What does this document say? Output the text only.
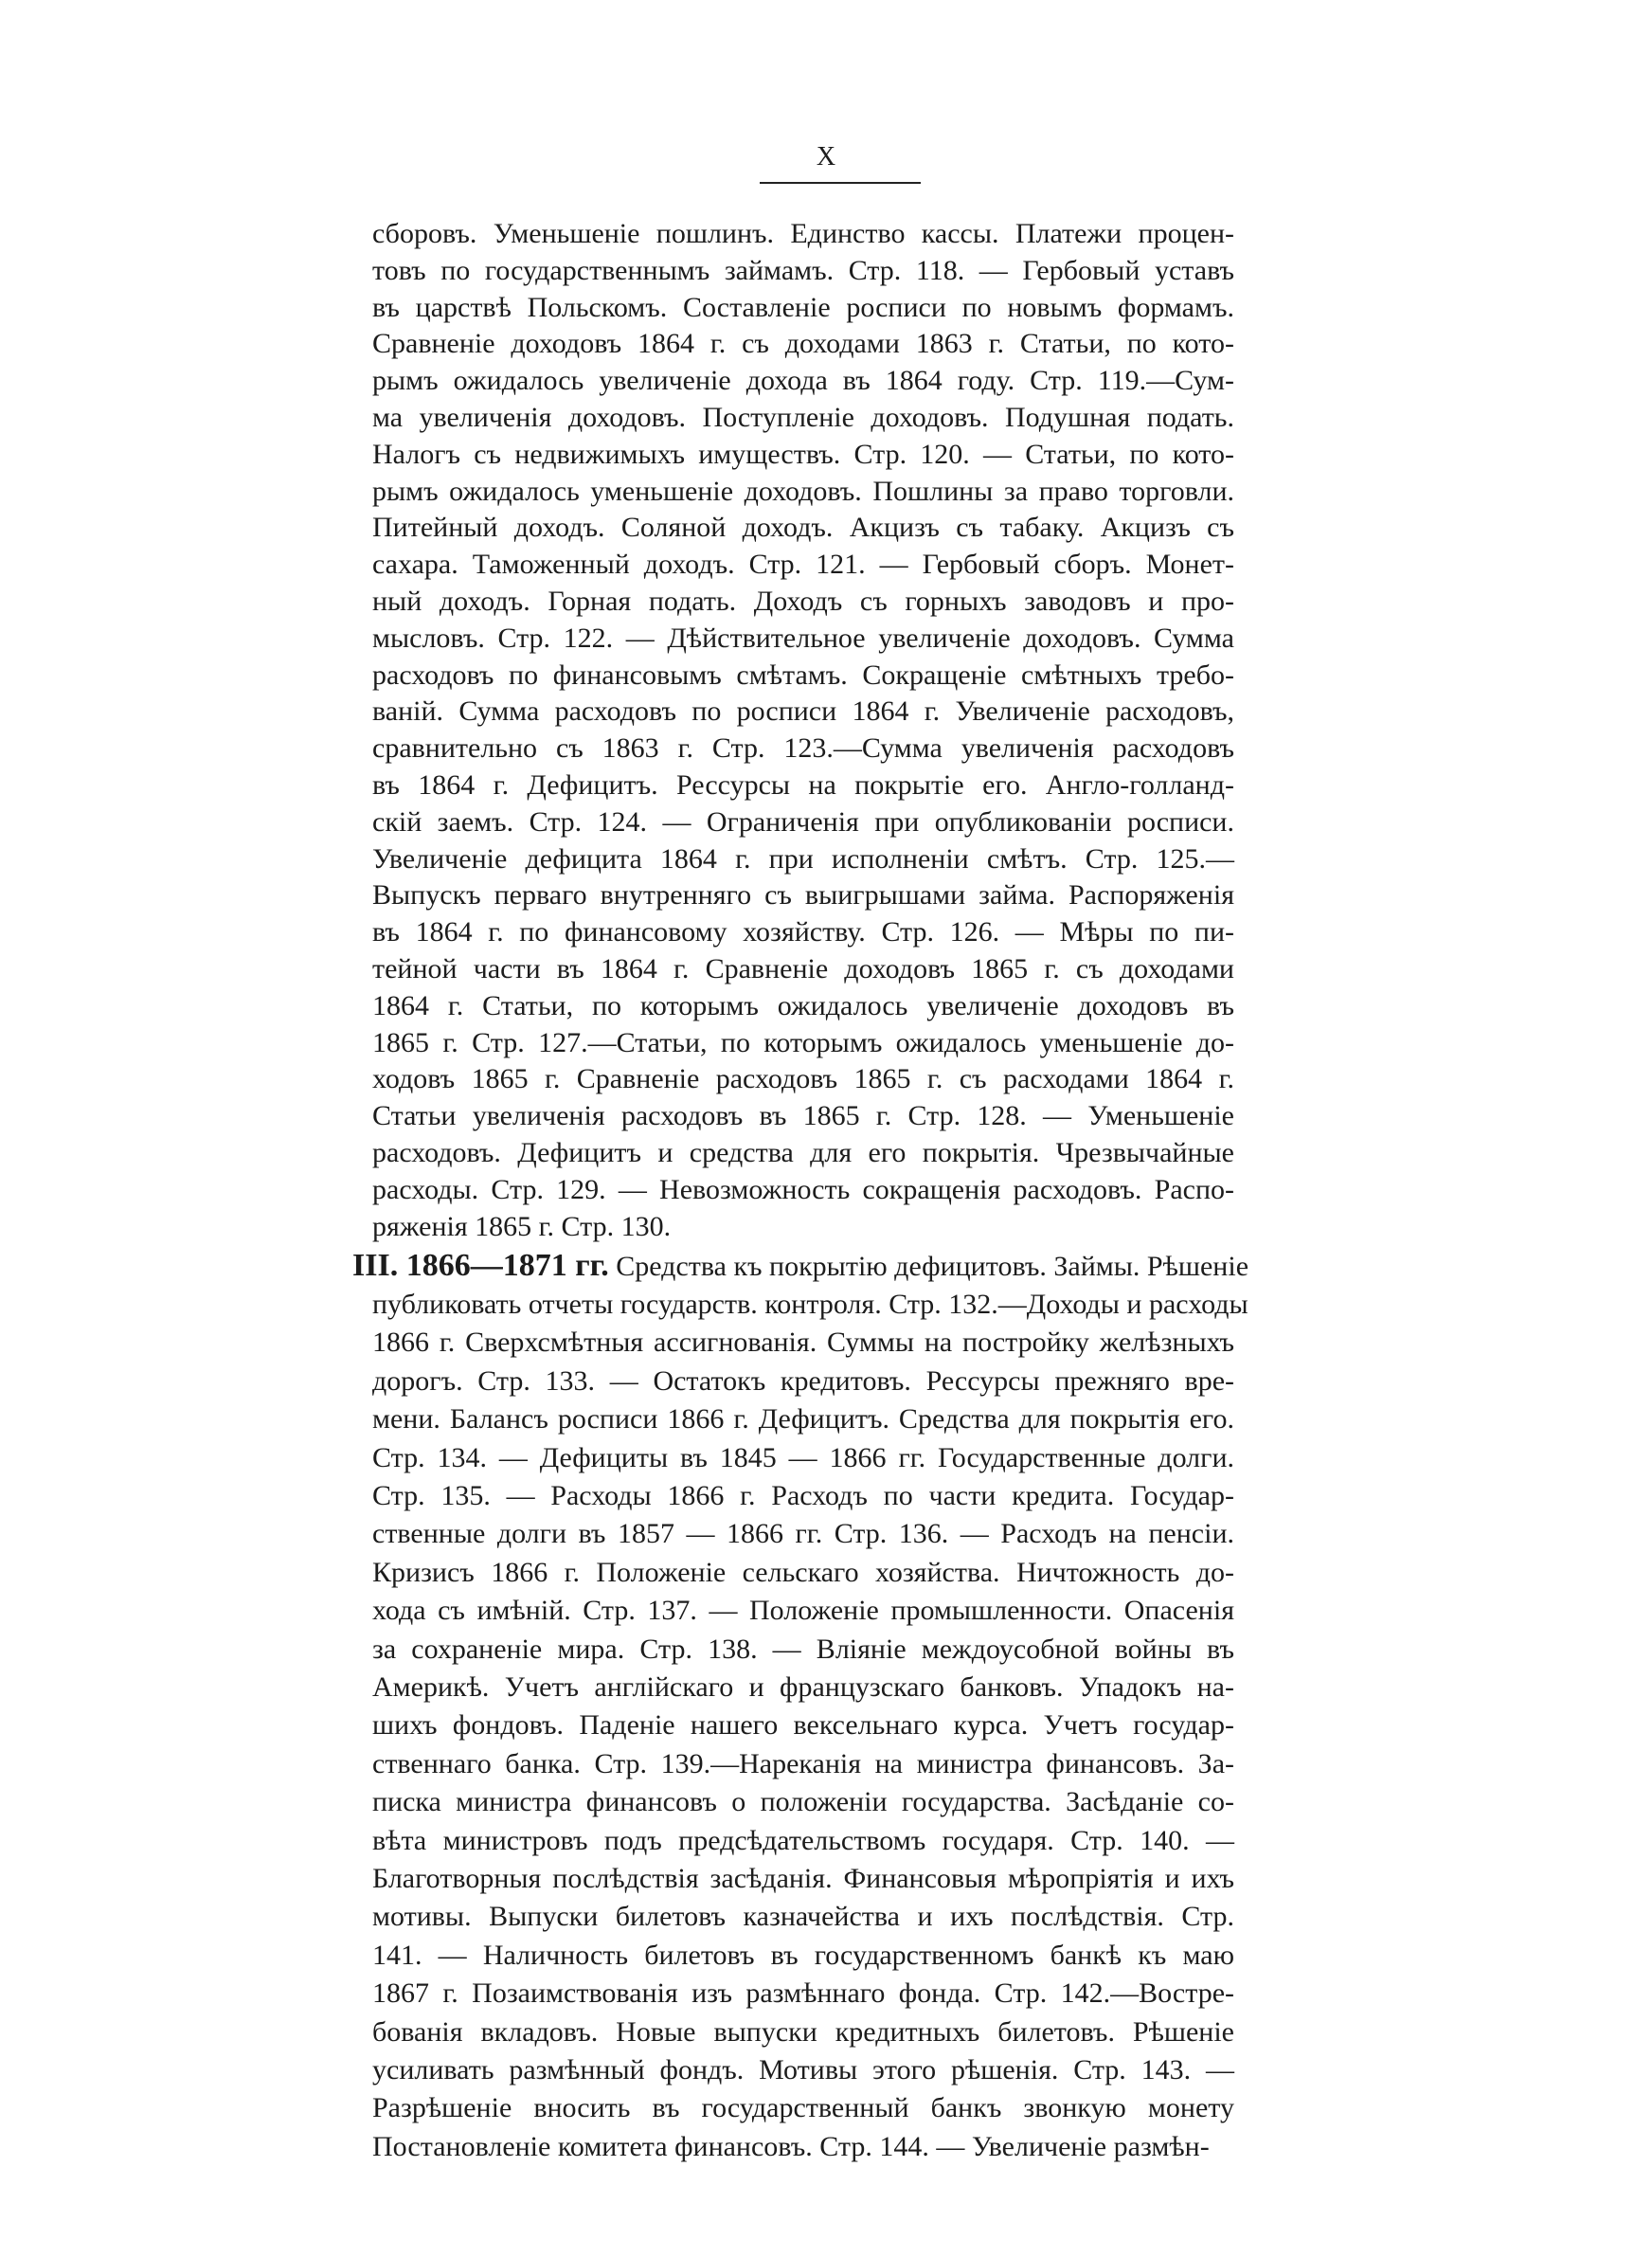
X
сборовъ. Уменьшеніе пошлинъ. Единство кассы. Платежи процен-
товъ по государственнымъ займамъ. Стр. 118. — Гербовый уставъ
въ царствѣ Польскомъ. Составленіе росписи по новымъ формамъ.
Сравненіе доходовъ 1864 г. съ доходами 1863 г. Статьи, по кото-
рымъ ожидалось увеличеніе дохода въ 1864 году. Стр. 119.—Сум-
ма увеличенія доходовъ. Поступленіе доходовъ. Подушная подать.
Налогъ съ недвижимыхъ имуществъ. Стр. 120. — Статьи, по кото-
рымъ ожидалось уменьшеніе доходовъ. Пошлины за право торговли.
Питейный доходъ. Соляной доходъ. Акцизъ съ табаку. Акцизъ съ
сахара. Таможенный доходъ. Стр. 121. — Гербовый сборъ. Монет-
ный доходъ. Горная подать. Доходъ съ горныхъ заводовъ и про-
мысловъ. Стр. 122. — Дѣйствительное увеличеніе доходовъ. Сумма
расходовъ по финансовымъ смѣтамъ. Сокращеніе смѣтныхъ требо-
ваній. Сумма расходовъ по росписи 1864 г. Увеличеніе расходовъ,
сравнительно съ 1863 г. Стр. 123.—Сумма увеличенія расходовъ
въ 1864 г. Дефицитъ. Рессурсы на покрытіе его. Англо-голланд-
скій заемъ. Стр. 124. — Ограниченія при опубликованіи росписи.
Увеличеніе дефицита 1864 г. при исполненіи смѣтъ. Стр. 125.—
Выпускъ перваго внутренняго съ выигрышами займа. Распоряженія
въ 1864 г. по финансовому хозяйству. Стр. 126. — Мѣры по пи-
тейной части въ 1864 г. Сравненіе доходовъ 1865 г. съ доходами
1864 г. Статьи, по которымъ ожидалось увеличеніе доходовъ въ
1865 г. Стр. 127.—Статьи, по которымъ ожидалось уменьшеніе до-
ходовъ 1865 г. Сравненіе расходовъ 1865 г. съ расходами 1864 г.
Статьи увеличенія расходовъ въ 1865 г. Стр. 128. — Уменьшеніе
расходовъ. Дефицитъ и средства для его покрытія. Чрезвычайные
расходы. Стр. 129. — Невозможность сокращенія расходовъ. Распо-
ряженія 1865 г. Стр. 130.
III. 1866—1871 гг. Средства къ покрытію дефицитовъ. Займы. Рѣшеніе
публиковать отчеты государств. контроля. Стр. 132.—Доходы и расходы
1866 г. Сверхсмѣтныя ассигнованія. Суммы на постройку желѣзныхъ
дорогъ. Стр. 133. — Остатокъ кредитовъ. Рессурсы прежняго вре-
мени. Балансъ росписи 1866 г. Дефицитъ. Средства для покрытія его.
Стр. 134. — Дефициты въ 1845 — 1866 гг. Государственные долги.
Стр. 135. — Расходы 1866 г. Расходъ по части кредита. Государ-
ственные долги въ 1857 — 1866 гг. Стр. 136. — Расходъ на пенсіи.
Кризисъ 1866 г. Положеніе сельскаго хозяйства. Ничтожность до-
хода съ имѣній. Стр. 137. — Положеніе промышленности. Опасенія
за сохраненіе мира. Стр. 138. — Вліяніе междоусобной войны въ
Америкѣ. Учетъ англійскаго и французскаго банковъ. Упадокъ на-
шихъ фондовъ. Паденіе нашего вексельнаго курса. Учетъ государ-
ственнаго банка. Стр. 139.—Нареканія на министра финансовъ. За-
писка министра финансовъ о положеніи государства. Засѣданіе со-
вѣта министровъ подъ предсѣдательствомъ государя. Стр. 140. —
Благотворныя послѣдствія засѣданія. Финансовыя мѣропріятія и ихъ
мотивы. Выпуски билетовъ казначейства и ихъ послѣдствія. Стр.
141. — Наличность билетовъ въ государственномъ банкѣ къ маю
1867 г. Позаимствованія изъ размѣннаго фонда. Стр. 142.—Востре-
бованія вкладовъ. Новые выпуски кредитныхъ билетовъ. Рѣшеніе
усиливать размѣнный фондъ. Мотивы этого рѣшенія. Стр. 143. —
Разрѣшеніе вносить въ государственный банкъ звонкую монету
Постановленіе комитета финансовъ. Стр. 144. — Увеличеніе размѣн-
